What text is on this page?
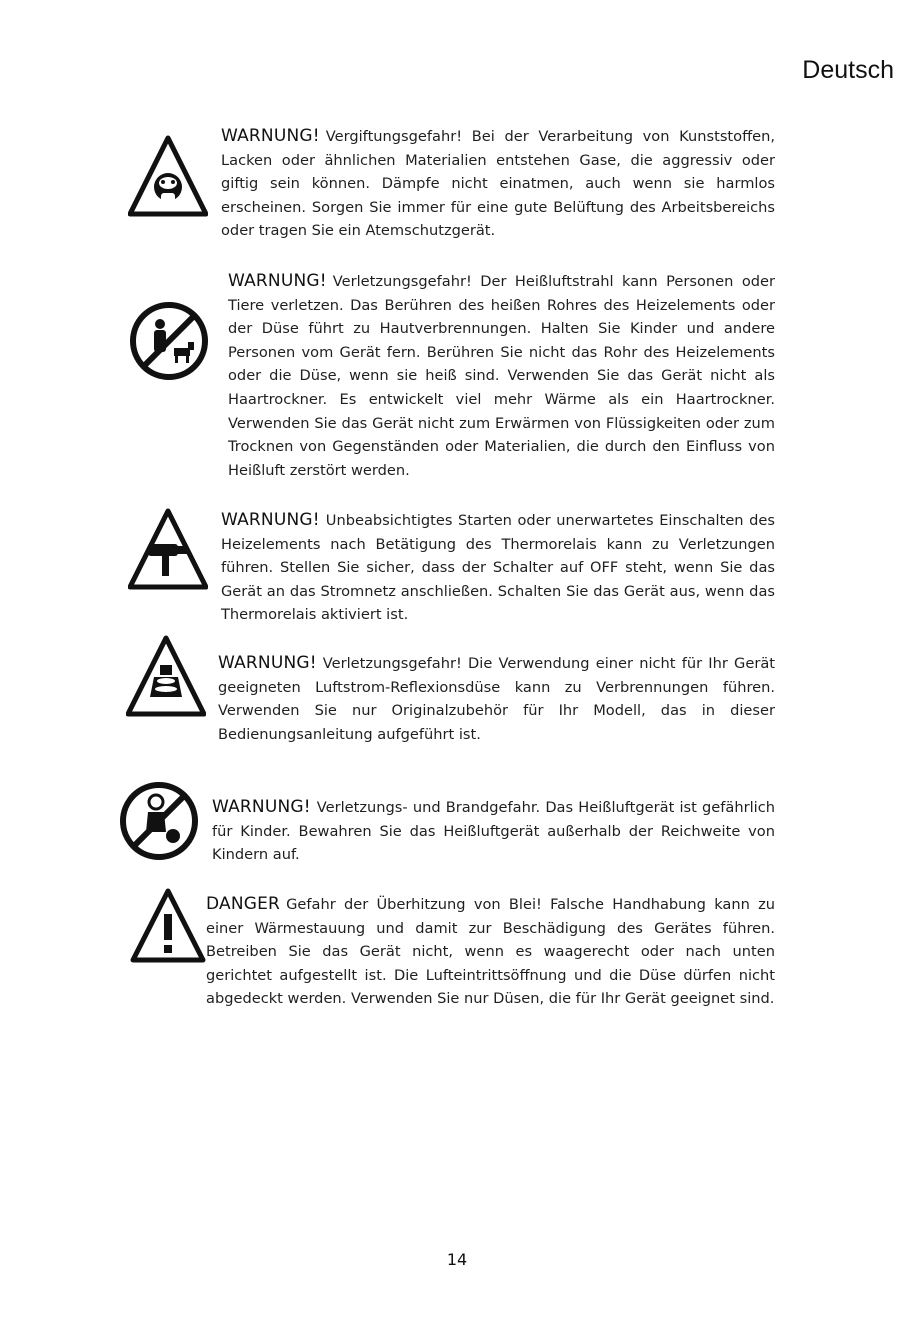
Deutsch
WARNUNG! Vergiftungsgefahr! Bei der Verarbeitung von Kunststoffen, Lacken oder ähnlichen Materialien entstehen Gase, die aggressiv oder giftig sein können. Dämpfe nicht einatmen, auch wenn sie harmlos erscheinen. Sorgen Sie immer für eine gute Belüftung des Arbeitsbereichs oder tragen Sie ein Atemschutzgerät.
WARNUNG! Verletzungsgefahr! Der Heißluftstrahl kann Personen oder Tiere verletzen. Das Berühren des heißen Rohres des Heizelements oder der Düse führt zu Hautverbrennungen. Halten Sie Kinder und andere Personen vom Gerät fern. Berühren Sie nicht das Rohr des Heizelements oder die Düse, wenn sie heiß sind. Verwenden Sie das Gerät nicht als Haartrockner. Es entwickelt viel mehr Wärme als ein Haartrockner. Verwenden Sie das Gerät nicht zum Erwärmen von Flüssigkeiten oder zum Trocknen von Gegenständen oder Materialien, die durch den Einfluss von Heißluft zerstört werden.
WARNUNG! Unbeabsichtigtes Starten oder unerwartetes Einschalten des Heizelements nach Betätigung des Thermorelais kann zu Verletzungen führen. Stellen Sie sicher, dass der Schalter auf OFF steht, wenn Sie das Gerät an das Stromnetz anschließen. Schalten Sie das Gerät aus, wenn das Thermorelais aktiviert ist.
WARNUNG! Verletzungsgefahr! Die Verwendung einer nicht für Ihr Gerät geeigneten Luftstrom-Reflexionsdüse kann zu Verbrennungen führen. Verwenden Sie nur Originalzubehör für Ihr Modell, das in dieser Bedienungsanleitung aufgeführt ist.
WARNUNG! Verletzungs- und Brandgefahr. Das Heißluftgerät ist gefährlich für Kinder. Bewahren Sie das Heißluftgerät außerhalb der Reichweite von Kindern auf.
DANGER Gefahr der Überhitzung von Blei! Falsche Handhabung kann zu einer Wärmestauung und damit zur Beschädigung des Gerätes führen. Betreiben Sie das Gerät nicht, wenn es waagerecht oder nach unten gerichtet aufgestellt ist. Die Lufteintrittsöffnung und die Düse dürfen nicht abgedeckt werden. Verwenden Sie nur Düsen, die für Ihr Gerät geeignet sind.
14
